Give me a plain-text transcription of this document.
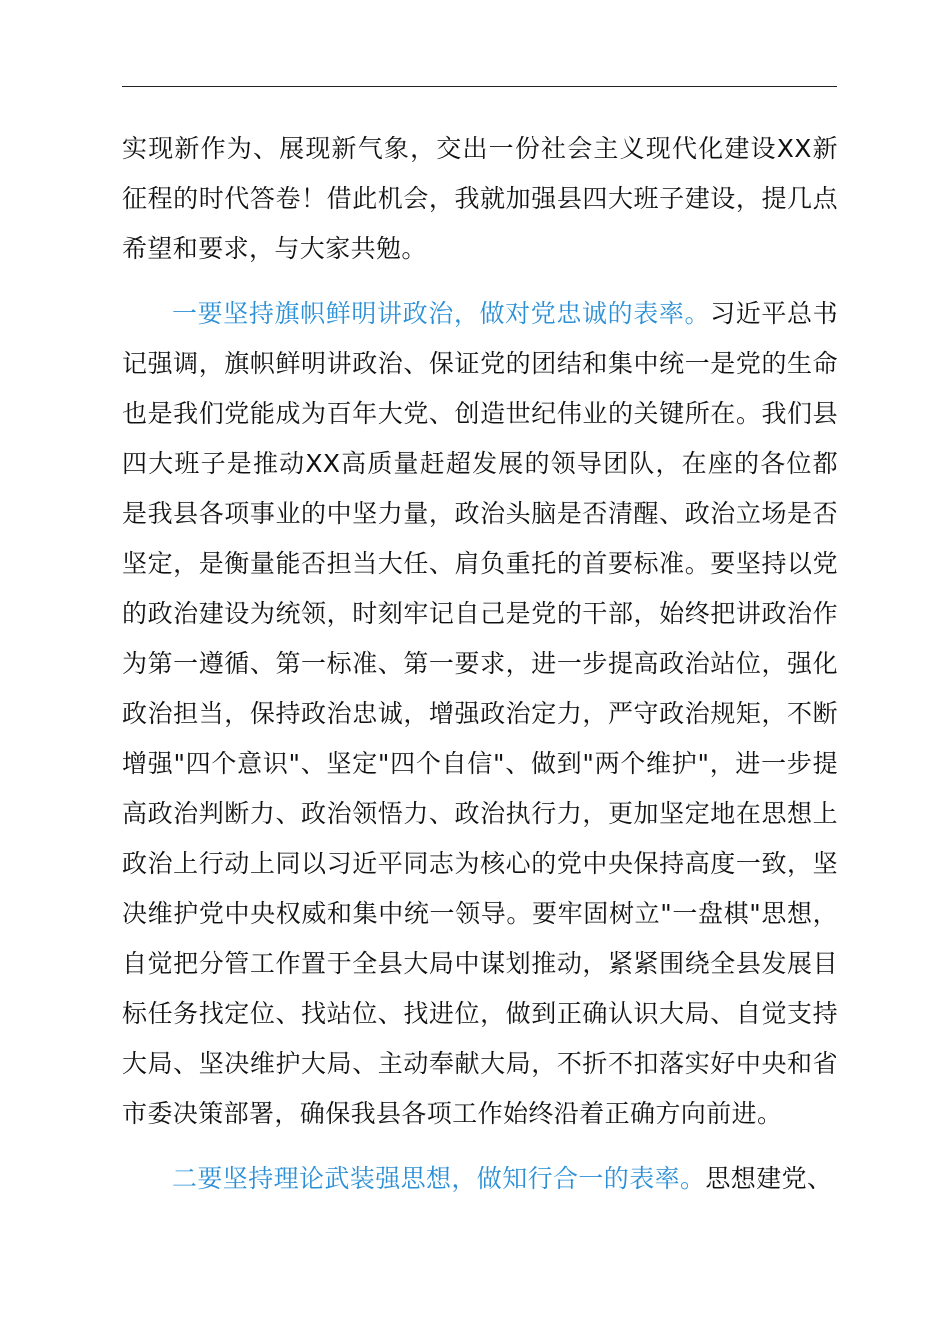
实现新作为、展现新气象，交出一份社会主义现代化建设XX新征程的时代答卷！借此机会，我就加强县四大班子建设，提几点希望和要求，与大家共勉。

一要坚持旗帜鲜明讲政治，做对党忠诚的表率。习近平总书记强调，旗帜鲜明讲政治、保证党的团结和集中统一是党的生命也是我们党能成为百年大党、创造世纪伟业的关键所在。我们县四大班子是推动XX高质量赶超发展的领导团队，在座的各位都是我县各项事业的中坚力量，政治头脑是否清醒、政治立场是否坚定，是衡量能否担当大任、肩负重托的首要标准。要坚持以党的政治建设为统领，时刻牢记自己是党的干部，始终把讲政治作为第一遵循、第一标准、第一要求，进一步提高政治站位，强化政治担当，保持政治忠诚，增强政治定力，严守政治规矩，不断增强"四个意识"、坚定"四个自信"、做到"两个维护"，进一步提高政治判断力、政治领悟力、政治执行力，更加坚定地在思想上政治上行动上同以习近平同志为核心的党中央保持高度一致，坚决维护党中央权威和集中统一领导。要牢固树立"一盘棋"思想，自觉把分管工作置于全县大局中谋划推动，紧紧围绕全县发展目标任务找定位、找站位、找进位，做到正确认识大局、自觉支持大局、坚决维护大局、主动奉献大局，不折不扣落实好中央和省市委决策部署，确保我县各项工作始终沿着正确方向前进。

二要坚持理论武装强思想，做知行合一的表率。思想建党、
